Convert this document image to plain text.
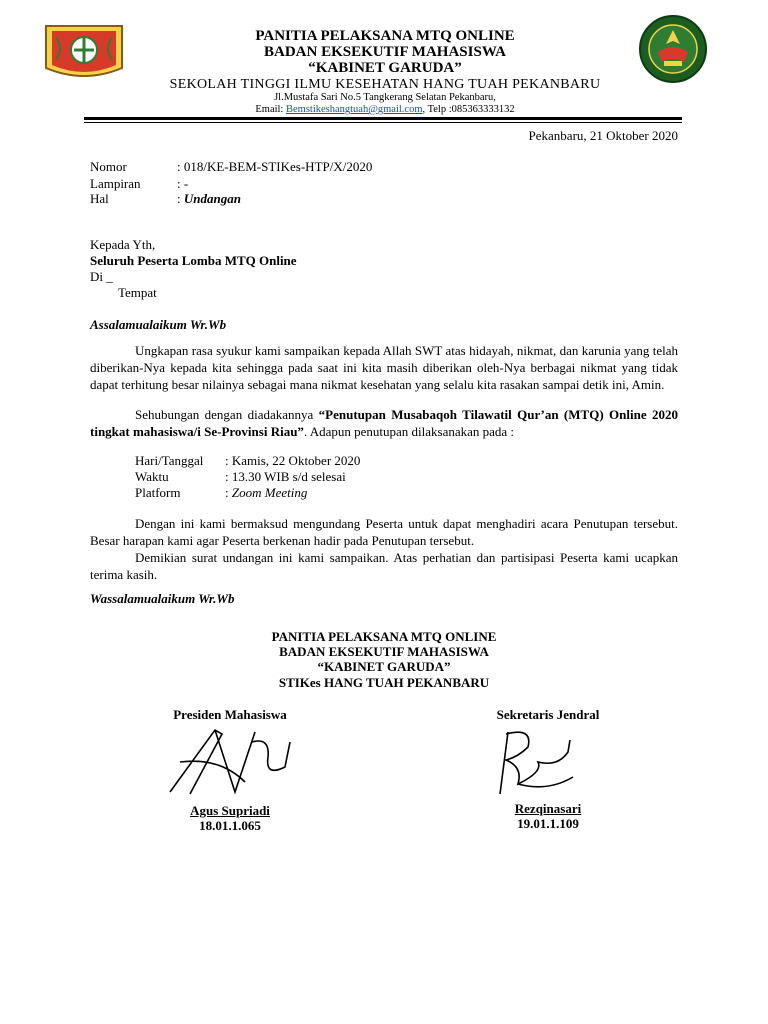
PANITIA PELAKSANA MTQ ONLINE
BADAN EKSEKUTIF MAHASISWA
“KABINET GARUDA”
SEKOLAH TINGGI ILMU KESEHATAN HANG TUAH PEKANBARU
Jl.Mustafa Sari No.5 Tangkerang Selatan Pekanbaru,
Email: Bemstikeshangtuah@gmail.com, Telp :085363333132
Pekanbaru, 21 Oktober 2020
Nomor	: 018/KE-BEM-STIKes-HTP/X/2020
Lampiran	: -
Hal	: Undangan
Kepada Yth,
Seluruh Peserta Lomba MTQ Online
Di _
Tempat
Assalamualaikum Wr.Wb
Ungkapan rasa syukur kami sampaikan kepada Allah SWT atas hidayah, nikmat, dan karunia yang telah diberikan-Nya kepada kita sehingga pada saat ini kita masih diberikan oleh-Nya berbagai nikmat yang tidak dapat terhitung besar nilainya sebagai mana nikmat kesehatan yang selalu kita rasakan sampai detik ini, Amin.
Sehubungan dengan diadakannya “Penutupan Musabaqoh Tilawatil Qur’an (MTQ) Online 2020 tingkat mahasiswa/i Se-Provinsi Riau”. Adapun penutupan dilaksanakan pada :
Hari/Tanggal : Kamis, 22 Oktober 2020
Waktu	: 13.30 WIB s/d selesai
Platform	: Zoom Meeting
Dengan ini kami bermaksud mengundang Peserta untuk dapat menghadiri acara Penutupan tersebut. Besar harapan kami agar Peserta berkenan hadir pada Penutupan tersebut.
Demikian surat undangan ini kami sampaikan. Atas perhatian dan partisipasi Peserta kami ucapkan terima kasih.
Wassalamualaikum Wr.Wb
PANITIA PELAKSANA MTQ ONLINE
BADAN EKSEKUTIF MAHASISWA
“KABINET GARUDA”
STIKes HANG TUAH PEKANBARU
Presiden Mahasiswa
Agus Supriadi
18.01.1.065
Sekretaris Jendral
Rezqinasari
19.01.1.109
